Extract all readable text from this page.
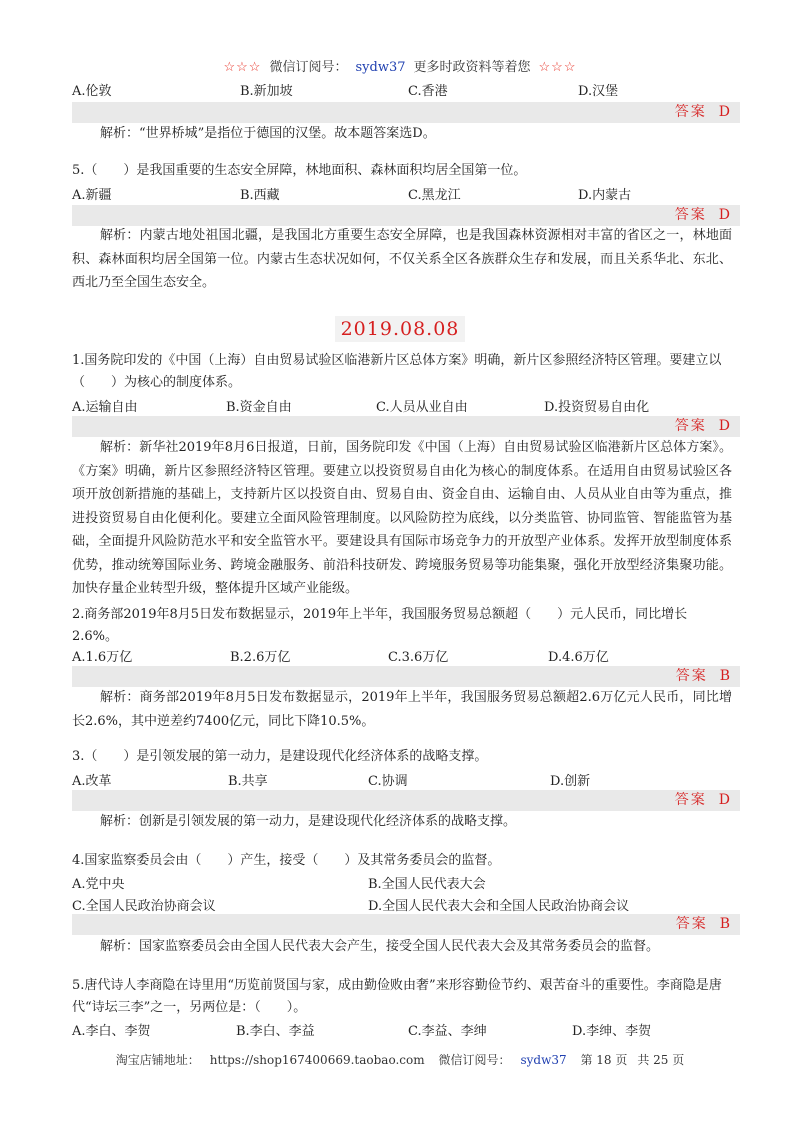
☆☆☆ 微信订阅号： sydw37 更多时政资料等着您 ☆☆☆
A.伦敦	B.新加坡	C.香港	D.汉堡
答案 D

解析：“世界桥城”是指位于德国的汉堡。故本题答案选D。

5.（　　）是我国重要的生态安全屏障，林地面积、森林面积均居全国第一位。

A.新疆	B.西藏	C.黑龙江	D.内蒙古
答案 D

解析：内蒙古地处祖国北疆，是我国北方重要生态安全屏障，也是我国森林资源相对丰富的省区之一，林地面积、森林面积均居全国第一位。内蒙古生态状况如何，不仅关系全区各族群众生存和发展，而且关系华北、东北、西北乃至全国生态安全。

2019.08.08

1.国务院印发的《中国（上海）自由贸易试验区临港新片区总体方案》明确，新片区参照经济特区管理。要建立以（　　）为核心的制度体系。

A.运输自由	B.资金自由	C.人员从业自由	D.投资贸易自由化
答案 D

解析：新华社2019年8月6日报道，日前，国务院印发《中国（上海）自由贸易试验区临港新片区总体方案》。《方案》明确，新片区参照经济特区管理。要建立以投资贸易自由化为核心的制度体系。在适用自由贸易试验区各项开放创新措施的基础上，支持新片区以投资自由、贸易自由、资金自由、运输自由、人员从业自由等为重点，推进投资贸易自由化便利化。要建立全面风险管理制度。以风险防控为底线，以分类监管、协同监管、智能监管为基础，全面提升风险防范水平和安全监管水平。要建设具有国际市场竞争力的开放型产业体系。发挥开放型制度体系优势，推动统筹国际业务、跨境金融服务、前沿科技研发、跨境服务贸易等功能集聚，强化开放型经济集聚功能。加快存量企业转型升级，整体提升区域产业能级。

2.商务部2019年8月5日发布数据显示，2019年上半年，我国服务贸易总额超（　　）元人民币，同比增长2.6%。

A.1.6万亿	B.2.6万亿	C.3.6万亿	D.4.6万亿
答案 B

解析：商务部2019年8月5日发布数据显示，2019年上半年，我国服务贸易总额超2.6万亿元人民币，同比增长2.6%，其中逆差约7400亿元，同比下降10.5%。

3.（　　）是引领发展的第一动力，是建设现代化经济体系的战略支撑。

A.改革	B.共享	C.协调	D.创新
答案 D

解析：创新是引领发展的第一动力，是建设现代化经济体系的战略支撑。

4.国家监察委员会由（　　）产生，接受（　　）及其常务委员会的监督。

A.党中央	B.全国人民代表大会
C.全国人民政治协商会议	D.全国人民代表大会和全国人民政治协商会议
答案 B

解析：国家监察委员会由全国人民代表大会产生，接受全国人民代表大会及其常务委员会的监督。

5.唐代诗人李商隐在诗里用“历览前贤国与家，成由勤俭败由奢”来形容勤俭节约、艰苦奋斗的重要性。李商隐是唐代“诗坛三李”之一，另两位是：（　　）。

A.李白、李贺	B.李白、李益	C.李益、李绅	D.李绅、李贺
淘宝店铺地址： https://shop167400669.taobao.com 微信订阅号： sydw37 第 18 页 共 25 页
